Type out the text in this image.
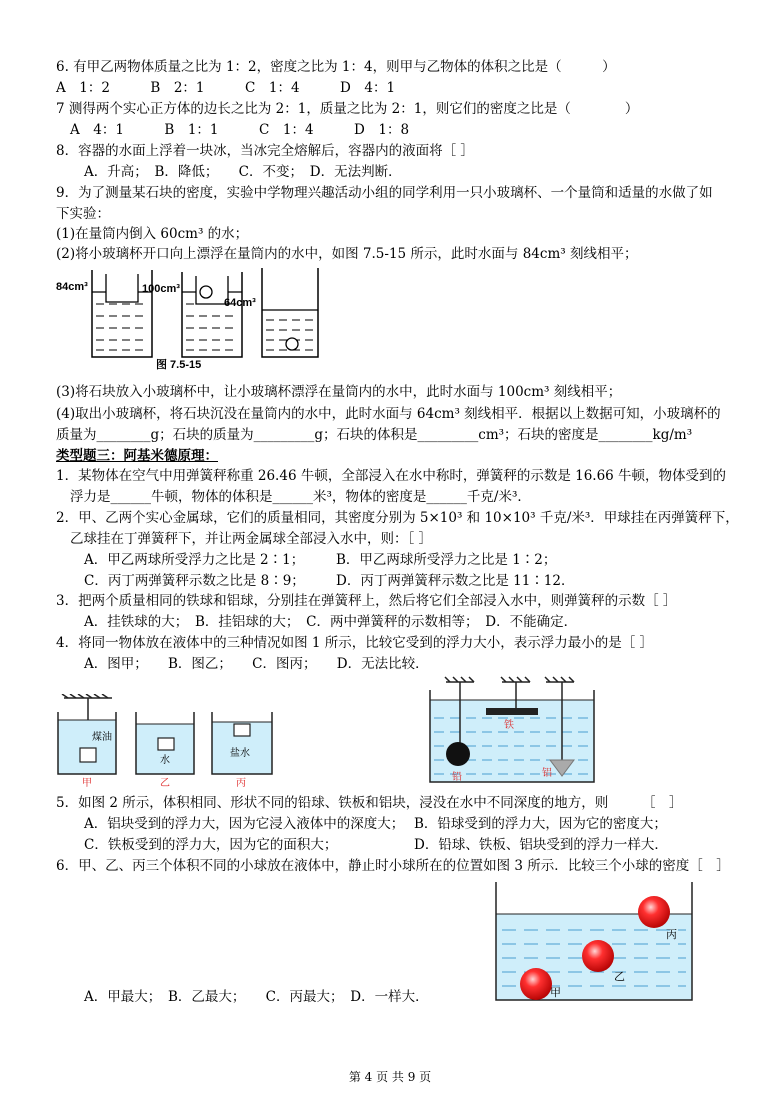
6. 有甲乙两物体质量之比为 1：2，密度之比为 1：4，则甲与乙物体的体积之比是（　　　）
A　1：2　　　B　2：1　　　C　1：4　　　D　4：1
7 测得两个实心正方体的边长之比为 2：1，质量之比为 2：1，则它们的密度之比是（　　　　）
A　4：1　　　B　1：1　　　C　1：4　　　D　1：8
8．容器的水面上浮着一块冰，当冰完全熔解后，容器内的液面将［ ］
A．升高；　B．降低；　　C．不变；　D．无法判断．
9．为了测量某石块的密度，实验中学物理兴趣活动小组的同学利用一只小玻璃杯、一个量筒和适量的水做了如
下实验：
(1)在量筒内倒入 60cm³ 的水；
(2)将小玻璃杯开口向上漂浮在量筒内的水中，如图 7.5-15 所示，此时水面与 84cm³ 刻线相平；
84cm³	100cm³
64cm³
图 7.5-15
(3)将石块放入小玻璃杯中，让小玻璃杯漂浮在量筒内的水中，此时水面与 100cm³ 刻线相平；
(4)取出小玻璃杯，将石块沉没在量筒内的水中，此时水面与 64cm³ 刻线相平．根据以上数据可知，小玻璃杯的
质量为________g；石块的质量为_________g；石块的体积是_________cm³；石块的密度是________kg/m³
类型题三：阿基米德原理：
1．某物体在空气中用弹簧秤称重 26.46 牛顿，全部浸入在水中称时，弹簧秤的示数是 16.66 牛顿，物体受到的
浮力是______牛顿，物体的体积是______米³，物体的密度是______千克/米³．
2．甲、乙两个实心金属球，它们的质量相同，其密度分别为 5×10³ 和 10×10³ 千克/米³．甲球挂在丙弹簧秤下，
乙球挂在丁弹簧秤下，并让两金属球全部浸入水中，则：［ ］
A．甲乙两球所受浮力之比是 2∶1； B．甲乙两球所受浮力之比是 1∶2；
C．丙丁两弹簧秤示数之比是 8∶9； D．丙丁两弹簧秤示数之比是 11∶12．
3．把两个质量相同的铁球和铝球，分别挂在弹簧秤上，然后将它们全部浸入水中，则弹簧秤的示数［ ］
A．挂铁球的大；　B．挂铝球的大；　C．两中弹簧秤的示数相等；　D．不能确定．
4．将同一物体放在液体中的三种情况如图 1 所示，比较它受到的浮力大小，表示浮力最小的是［ ］
A．图甲；　　B．图乙；　　C．图丙；　　D．无法比较．
煤油
水
盐水
甲	乙	丙
铁
铅	铝
5．如图 2 所示，体积相同、形状不同的铅球、铁板和铝块，浸没在水中不同深度的地方，则　　　［　］
A．铝块受到的浮力大，因为它浸入液体中的深度大； B．铅球受到的浮力大，因为它的密度大；
C．铁板受到的浮力大，因为它的面积大；	D．铅球、铁板、铝块受到的浮力一样大．
6．甲、乙、丙三个体积不同的小球放在液体中，静止时小球所在的位置如图 3 所示．比较三个小球的密度［　］
丙
乙
甲
A．甲最大；　B．乙最大；　　C．丙最大；　D．一样大．
第 4 页 共 9 页
